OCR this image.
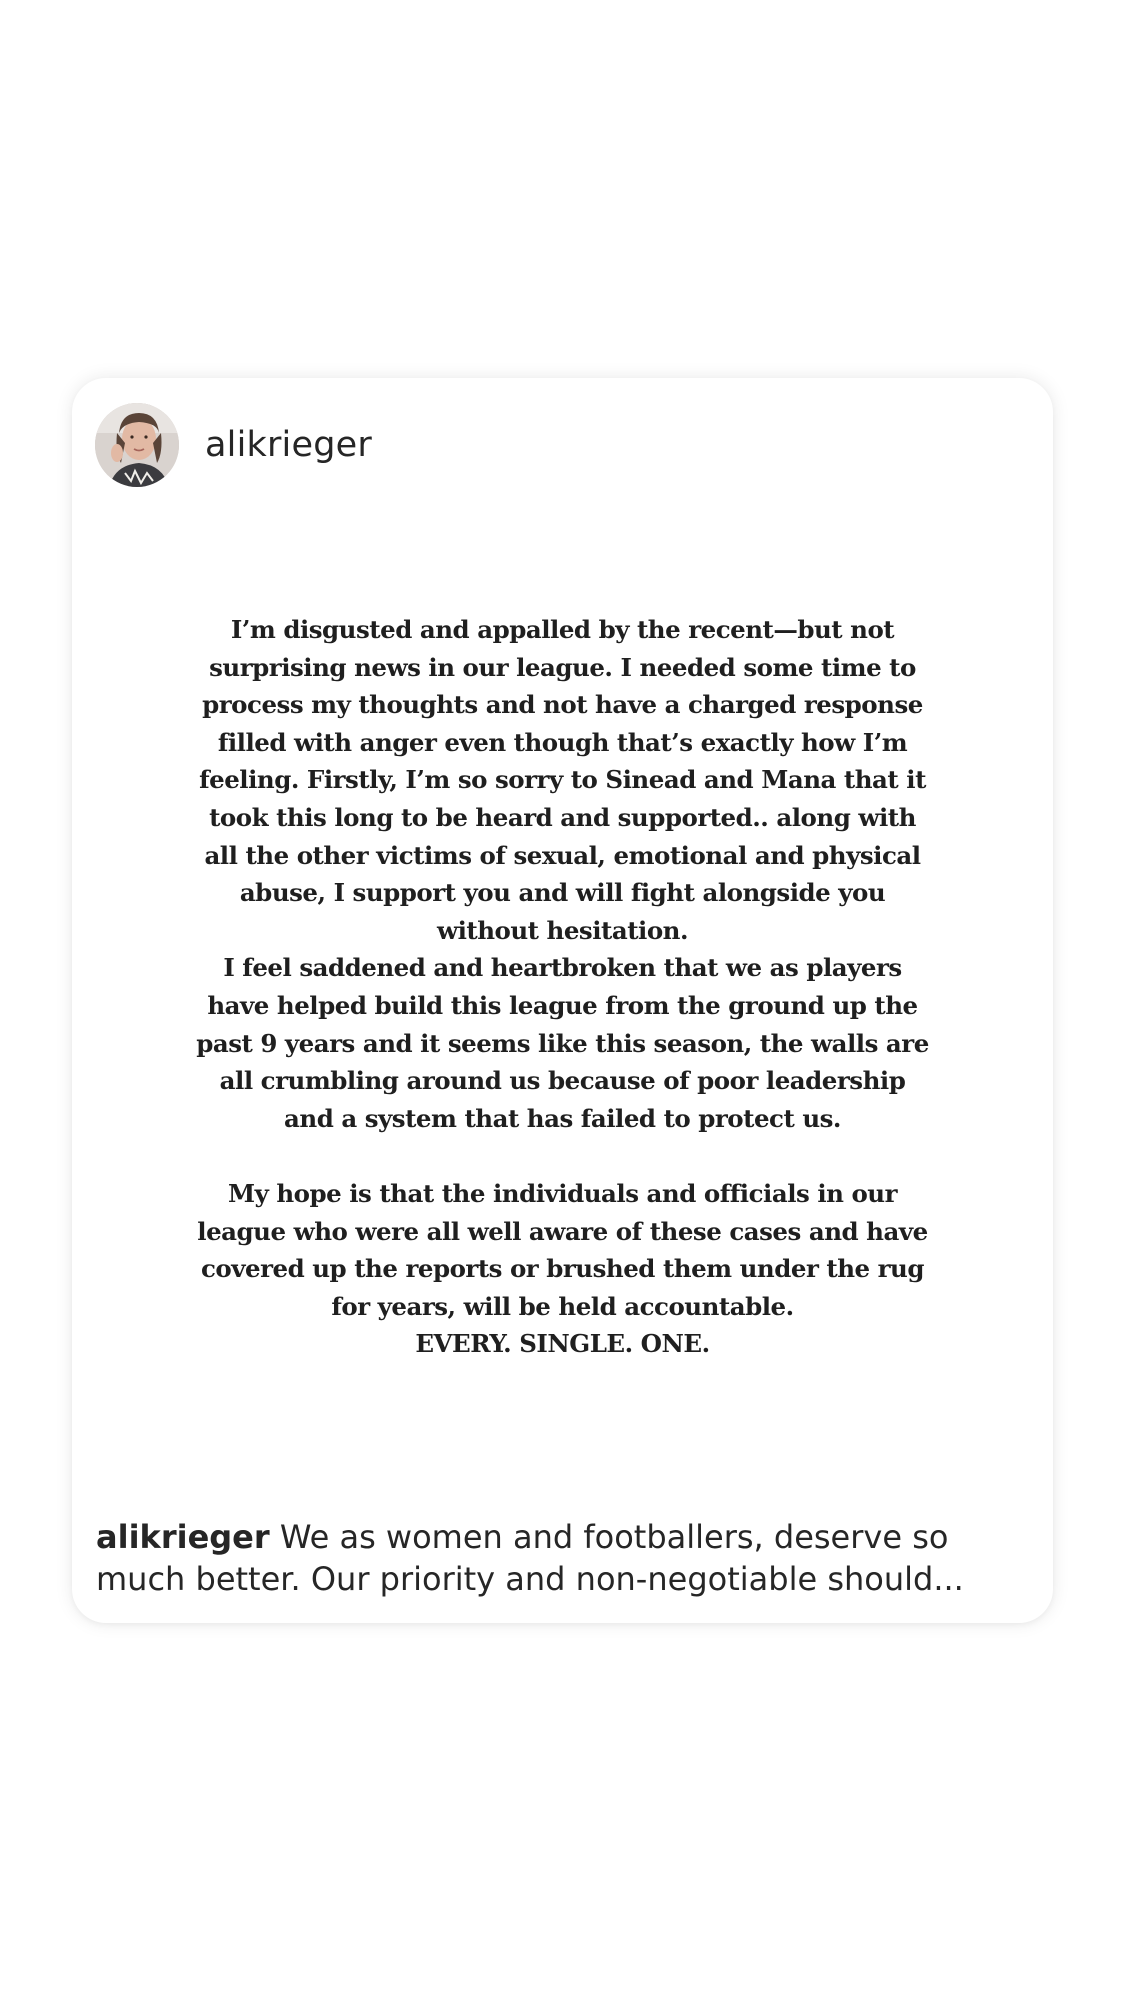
alikrieger

I’m disgusted and appalled by the recent—but not
surprising news in our league. I needed some time to
process my thoughts and not have a charged response
filled with anger even though that’s exactly how I’m
feeling. Firstly, I’m so sorry to Sinead and Mana that it
took this long to be heard and supported.. along with
all the other victims of sexual, emotional and physical
abuse, I support you and will fight alongside you
without hesitation.
I feel saddened and heartbroken that we as players
have helped build this league from the ground up the
past 9 years and it seems like this season, the walls are
all crumbling around us because of poor leadership
and a system that has failed to protect us.

My hope is that the individuals and officials in our
league who were all well aware of these cases and have
covered up the reports or brushed them under the rug
for years, will be held accountable.
EVERY. SINGLE. ONE.

alikrieger We as women and footballers, deserve so much better. Our priority and non-negotiable should...
